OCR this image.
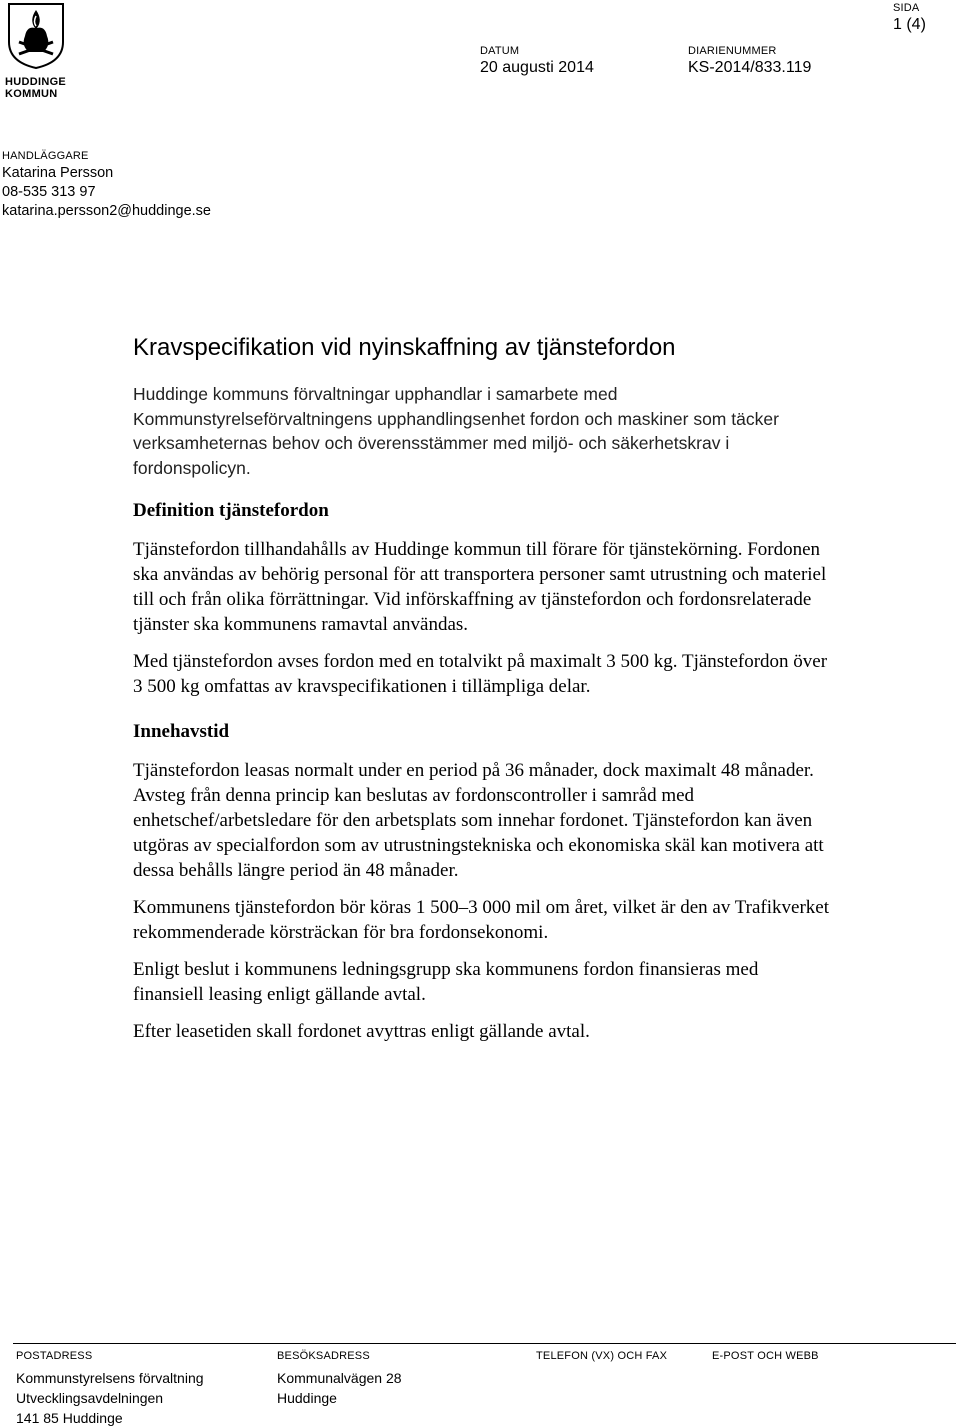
HUDDINGE
KOMMUN
DATUM
20 augusti 2014
DIARIENUMMER
KS-2014/833.119
SIDA
1 (4)
HANDLÄGGARE
Katarina Persson
08-535 313 97
katarina.persson2@huddinge.se
Kravspecifikation vid nyinskaffning av tjänstefordon

Huddinge kommuns förvaltningar upphandlar i samarbete med Kommunstyrelseförvaltningens upphandlingsenhet fordon och maskiner som täcker verksamheternas behov och överensstämmer med miljö- och säkerhetskrav i fordonspolicyn.

Definition tjänstefordon

Tjänstefordon tillhandahålls av Huddinge kommun till förare för tjänstekörning. Fordonen ska användas av behörig personal för att transportera personer samt utrustning och materiel till och från olika förrättningar. Vid införskaffning av tjänstefordon och fordonsrelaterade tjänster ska kommunens ramavtal användas.

Med tjänstefordon avses fordon med en totalvikt på maximalt 3 500 kg. Tjänstefordon över 3 500 kg omfattas av kravspecifikationen i tillämpliga delar.

Innehavstid

Tjänstefordon leasas normalt under en period på 36 månader, dock maximalt 48 månader. Avsteg från denna princip kan beslutas av fordonscontroller i samråd med enhetschef/arbetsledare för den arbetsplats som innehar fordonet. Tjänstefordon kan även utgöras av specialfordon som av utrustningstekniska och ekonomiska skäl kan motivera att dessa behålls längre period än 48 månader.

Kommunens tjänstefordon bör köras 1 500–3 000 mil om året, vilket är den av Trafikverket rekommenderade körsträckan för bra fordonsekonomi.

Enligt beslut i kommunens ledningsgrupp ska kommunens fordon finansieras med finansiell leasing enligt gällande avtal.

Efter leasetiden skall fordonet avyttras enligt gällande avtal.

POSTADRESS
Kommunstyrelsens förvaltning
Utvecklingsavdelningen
141 85 Huddinge
BESÖKSADRESS
Kommunalvägen 28
Huddinge
TELEFON (VX) OCH FAX	E-POST OCH WEBB
